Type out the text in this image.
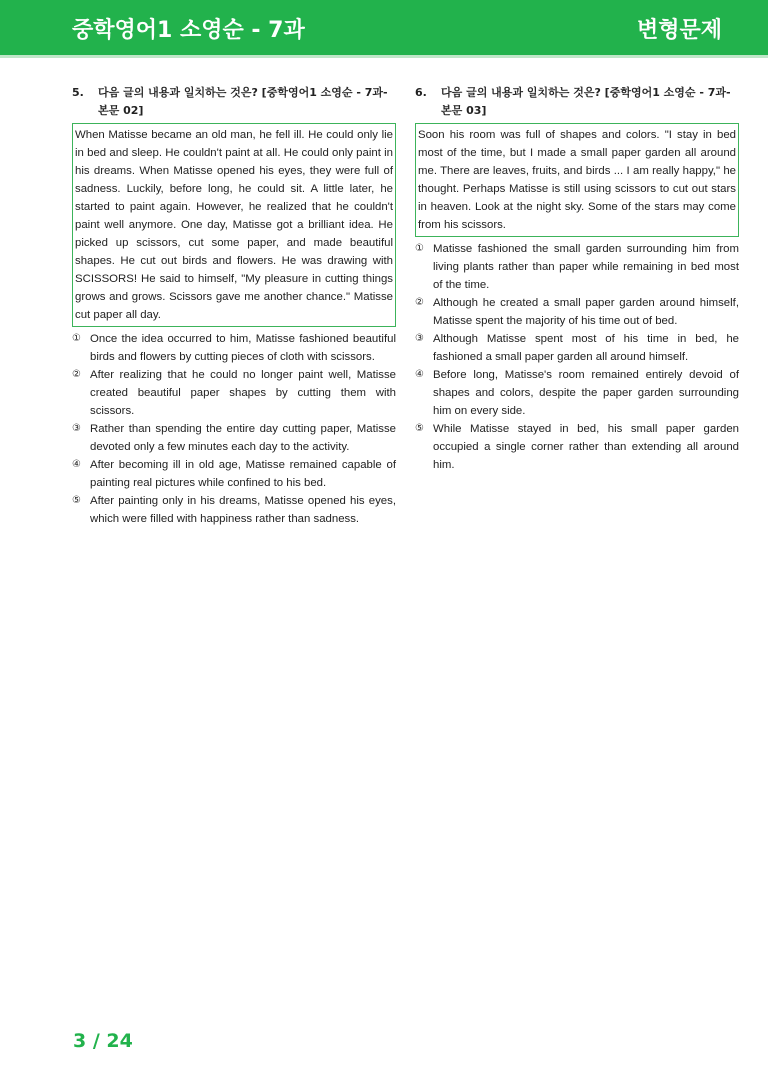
중학영어1 소영순 - 7과	변형문제
5.	다음 글의 내용과 일치하는 것은? [중학영어1 소영순 - 7과-본문 02]
When Matisse became an old man, he fell ill. He could only lie in bed and sleep. He couldn't paint at all. He could only paint in his dreams. When Matisse opened his eyes, they were full of sadness. Luckily, before long, he could sit. A little later, he started to paint again. However, he realized that he couldn't paint well anymore. One day, Matisse got a brilliant idea. He picked up scissors, cut some paper, and made beautiful shapes. He cut out birds and flowers. He was drawing with SCISSORS! He said to himself, "My pleasure in cutting things grows and grows. Scissors gave me another chance." Matisse cut paper all day.
① Once the idea occurred to him, Matisse fashioned beautiful birds and flowers by cutting pieces of cloth with scissors.
② After realizing that he could no longer paint well, Matisse created beautiful paper shapes by cutting them with scissors.
③ Rather than spending the entire day cutting paper, Matisse devoted only a few minutes each day to the activity.
④ After becoming ill in old age, Matisse remained capable of painting real pictures while confined to his bed.
⑤ After painting only in his dreams, Matisse opened his eyes, which were filled with happiness rather than sadness.
6.	다음 글의 내용과 일치하는 것은? [중학영어1 소영순 - 7과-본문 03]
Soon his room was full of shapes and colors. "I stay in bed most of the time, but I made a small paper garden all around me. There are leaves, fruits, and birds ... I am really happy," he thought. Perhaps Matisse is still using scissors to cut out stars in heaven. Look at the night sky. Some of the stars may come from his scissors.
① Matisse fashioned the small garden surrounding him from living plants rather than paper while remaining in bed most of the time.
② Although he created a small paper garden around himself, Matisse spent the majority of his time out of bed.
③ Although Matisse spent most of his time in bed, he fashioned a small paper garden all around himself.
④ Before long, Matisse's room remained entirely devoid of shapes and colors, despite the paper garden surrounding him on every side.
⑤ While Matisse stayed in bed, his small paper garden occupied a single corner rather than extending all around him.
3 / 24
